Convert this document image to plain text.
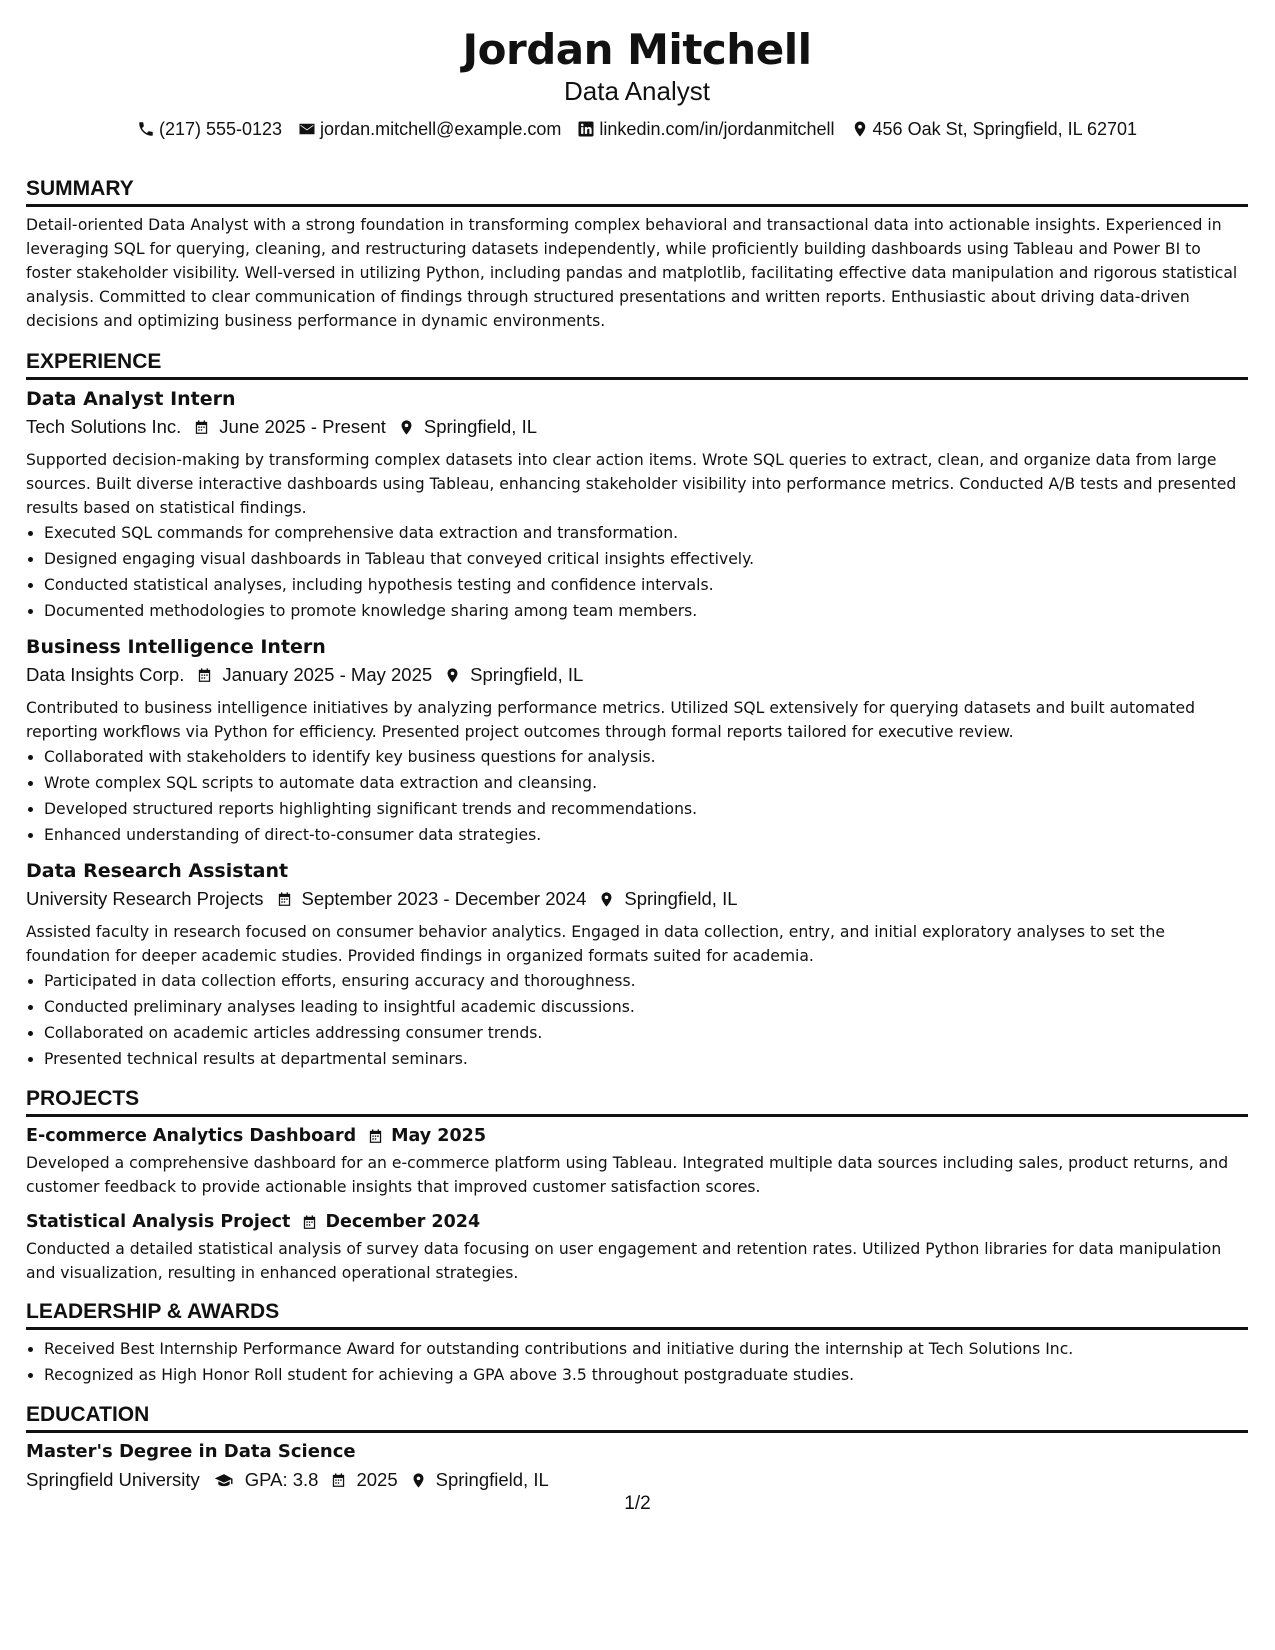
Jordan Mitchell
Data Analyst
(217) 555-0123 jordan.mitchell@example.com linkedin.com/in/jordanmitchell 456 Oak St, Springfield, IL 62701
SUMMARY
Detail-oriented Data Analyst with a strong foundation in transforming complex behavioral and transactional data into actionable insights. Experienced in leveraging SQL for querying, cleaning, and restructuring datasets independently, while proficiently building dashboards using Tableau and Power BI to foster stakeholder visibility. Well-versed in utilizing Python, including pandas and matplotlib, facilitating effective data manipulation and rigorous statistical analysis. Committed to clear communication of findings through structured presentations and written reports. Enthusiastic about driving data-driven decisions and optimizing business performance in dynamic environments.
EXPERIENCE
Data Analyst Intern
Tech Solutions Inc. June 2025 - Present Springfield, IL
Supported decision-making by transforming complex datasets into clear action items. Wrote SQL queries to extract, clean, and organize data from large sources. Built diverse interactive dashboards using Tableau, enhancing stakeholder visibility into performance metrics. Conducted A/B tests and presented results based on statistical findings.
• Executed SQL commands for comprehensive data extraction and transformation.
• Designed engaging visual dashboards in Tableau that conveyed critical insights effectively.
• Conducted statistical analyses, including hypothesis testing and confidence intervals.
• Documented methodologies to promote knowledge sharing among team members.
Business Intelligence Intern
Data Insights Corp. January 2025 - May 2025 Springfield, IL
Contributed to business intelligence initiatives by analyzing performance metrics. Utilized SQL extensively for querying datasets and built automated reporting workflows via Python for efficiency. Presented project outcomes through formal reports tailored for executive review.
• Collaborated with stakeholders to identify key business questions for analysis.
• Wrote complex SQL scripts to automate data extraction and cleansing.
• Developed structured reports highlighting significant trends and recommendations.
• Enhanced understanding of direct-to-consumer data strategies.
Data Research Assistant
University Research Projects September 2023 - December 2024 Springfield, IL
Assisted faculty in research focused on consumer behavior analytics. Engaged in data collection, entry, and initial exploratory analyses to set the foundation for deeper academic studies. Provided findings in organized formats suited for academia.
• Participated in data collection efforts, ensuring accuracy and thoroughness.
• Conducted preliminary analyses leading to insightful academic discussions.
• Collaborated on academic articles addressing consumer trends.
• Presented technical results at departmental seminars.
PROJECTS
E-commerce Analytics Dashboard May 2025
Developed a comprehensive dashboard for an e-commerce platform using Tableau. Integrated multiple data sources including sales, product returns, and customer feedback to provide actionable insights that improved customer satisfaction scores.
Statistical Analysis Project December 2024
Conducted a detailed statistical analysis of survey data focusing on user engagement and retention rates. Utilized Python libraries for data manipulation and visualization, resulting in enhanced operational strategies.
LEADERSHIP & AWARDS
• Received Best Internship Performance Award for outstanding contributions and initiative during the internship at Tech Solutions Inc.
• Recognized as High Honor Roll student for achieving a GPA above 3.5 throughout postgraduate studies.
EDUCATION
Master's Degree in Data Science
Springfield University GPA: 3.8 2025 Springfield, IL
1/2
